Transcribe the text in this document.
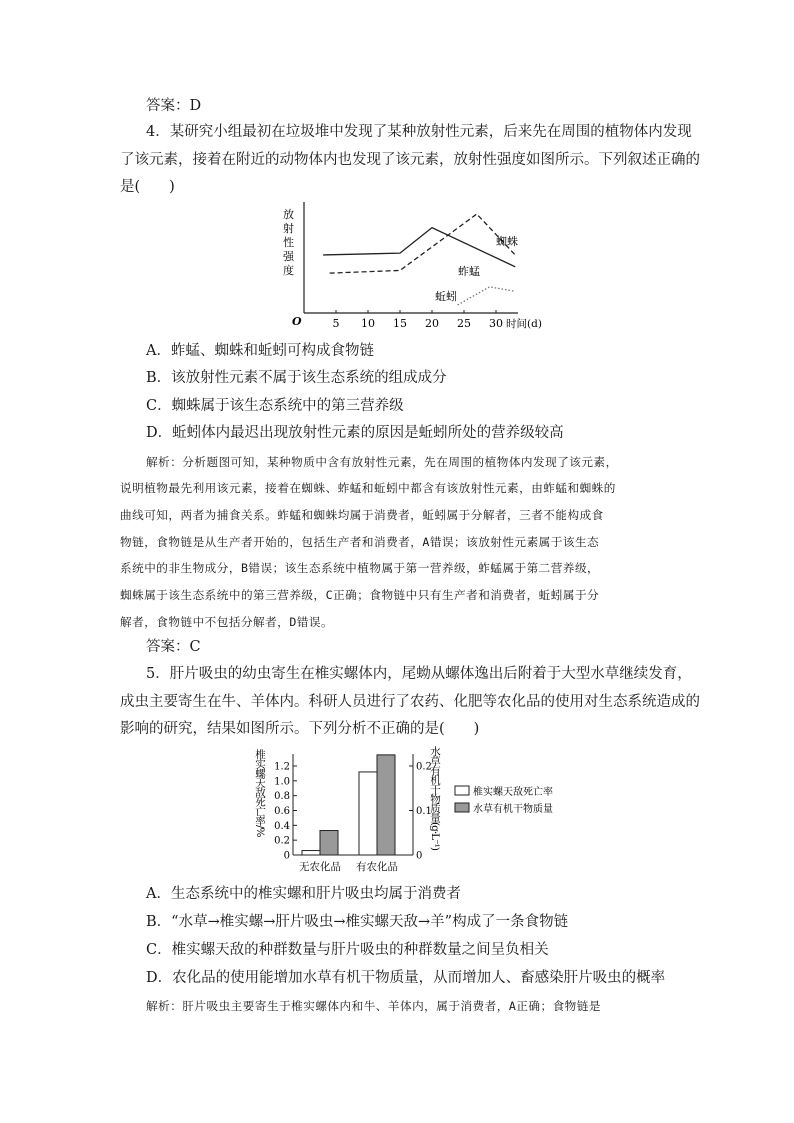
答案：D
4．某研究小组最初在垃圾堆中发现了某种放射性元素，后来先在周围的植物体内发现
了该元素，接着在附近的动物体内也发现了该元素，放射性强度如图所示。下列叙述正确的
是(　　)
放
射
性
强
度
O	5 10 15 20 25 30 时间(d)
蜘蛛
蚱蜢
蚯蚓
A．蚱蜢、蜘蛛和蚯蚓可构成食物链
B．该放射性元素不属于该生态系统的组成成分
C．蜘蛛属于该生态系统中的第三营养级
D．蚯蚓体内最迟出现放射性元素的原因是蚯蚓所处的营养级较高
解析：分析题图可知，某种物质中含有放射性元素，先在周围的植物体内发现了该元素，
说明植物最先利用该元素，接着在蜘蛛、蚱蜢和蚯蚓中都含有该放射性元素，由蚱蜢和蜘蛛的
曲线可知，两者为捕食关系。蚱蜢和蜘蛛均属于消费者，蚯蚓属于分解者，三者不能构成食
物链，食物链是从生产者开始的，包括生产者和消费者，A错误；该放射性元素属于该生态
系统中的非生物成分，B错误；该生态系统中植物属于第一营养级，蚱蜢属于第二营养级，
蜘蛛属于该生态系统中的第三营养级，C正确；食物链中只有生产者和消费者，蚯蚓属于分
解者，食物链中不包括分解者，D错误。
答案：C
5．肝片吸虫的幼虫寄生在椎实螺体内，尾蚴从螺体逸出后附着于大型水草继续发育，
成虫主要寄生在牛、羊体内。科研人员进行了农药、化肥等农化品的使用对生态系统造成的
影响的研究，结果如图所示。下列分析不正确的是(　　)
椎实螺天敌死亡率/%	水草有机干物质量(g·L⁻¹)
0
0.2
0.4
0.6
0.8
1.0
1.2
0
0.1
0.2
无农化品 有农化品
椎实螺天敌死亡率
水草有机干物质量
A．生态系统中的椎实螺和肝片吸虫均属于消费者
B．“水草→椎实螺→肝片吸虫→椎实螺天敌→羊”构成了一条食物链
C．椎实螺天敌的种群数量与肝片吸虫的种群数量之间呈负相关
D．农化品的使用能增加水草有机干物质量，从而增加人、畜感染肝片吸虫的概率
解析：肝片吸虫主要寄生于椎实螺体内和牛、羊体内，属于消费者，A正确；食物链是
